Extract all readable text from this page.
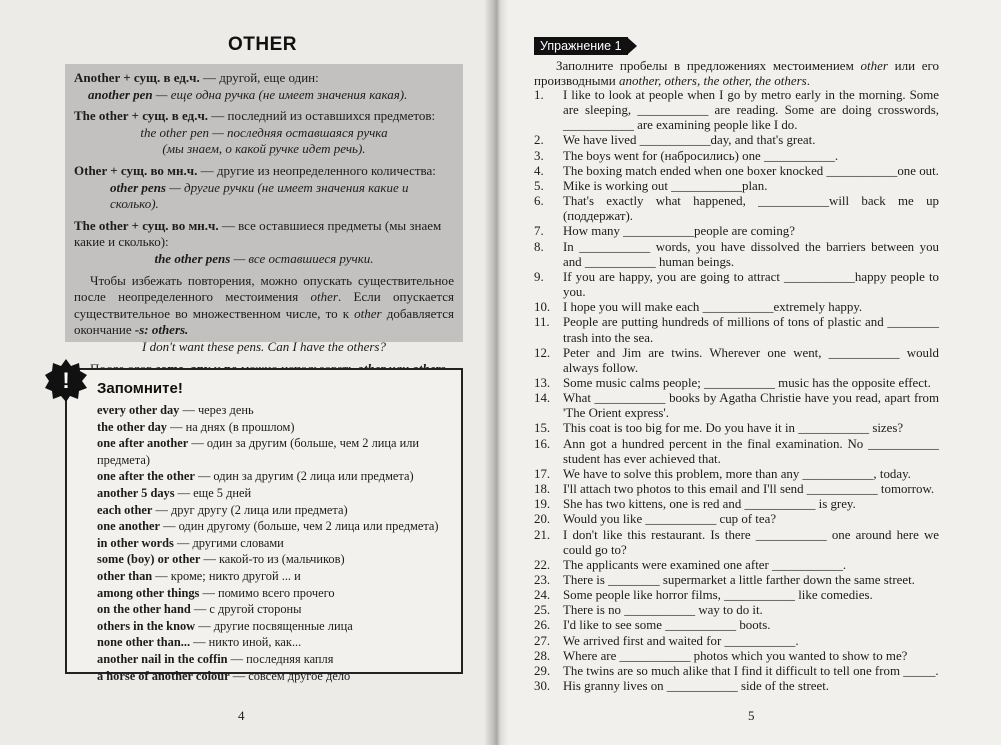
OTHER

Another + сущ. в ед.ч. — другой, еще один:

another pen — еще одна ручка (не имеет значения какая).

The other + сущ. в ед.ч. — последний из оставшихся предметов:

the other pen — последняя оставшаяся ручка

(мы знаем, о какой ручке идет речь).

Other + сущ. во мн.ч. — другие из неопределенного количества:

other pens — другие ручки (не имеет значения какие и сколько).

The other + сущ. во мн.ч. — все оставшиеся предметы (мы знаем какие и сколько):

the other pens — все оставшиеся ручки.

Чтобы избежать повторения, можно опускать существительное после неопределенного местоимения other. Если опускается существительное во множественном числе, то к other добавляется окончание -s: others.

I don't want these pens. Can I have the others?

! Запомните!
every other day — через день
the other day — на днях (в прошлом)
one after another — один за другим (больше, чем 2 лица или предмета)
one after the other — один за другим (2 лица или предмета)
another 5 days — еще 5 дней
each other — друг другу (2 лица или предмета)
one another — один другому (больше, чем 2 лица или предмета)
in other words — другими словами
some (boy) or other — какой-то из (мальчиков)
other than — кроме; никто другой ... и
among other things — помимо всего прочего
on the other hand — с другой стороны
others in the know — другие посвященные лица
none other than... — никто иной, как...
another nail in the coffin — последняя капля
a horse of another colour — совсем другое дело
4
Упражнение 1

Заполните пробелы в предложениях местоимением other или его производными another, others, the other, the others.

1.	I like to look at people when I go by metro early in the morning. Some are sleeping, ___________ are reading. Some are doing crosswords, ___________ are examining people like I do.
2.	We have lived ___________day, and that's great.
3.	The boys went for (набросились) one ___________.
4.	The boxing match ended when one boxer knocked ___________one out.
5.	Mike is working out ___________plan.
6.	That's exactly what happened, ___________will back me up (поддержат).
7.	How many ___________people are coming?
8.	In ___________ words, you have dissolved the barriers between you and ___________ human beings.
9.	If you are happy, you are going to attract ___________happy people to you.
10. I hope you will make each ___________extremely happy.
11.	People are putting hundreds of millions of tons of plastic and ________ trash into the sea.
12. Peter and Jim are twins. Wherever one went, ___________ would always follow.
13. Some music calms people; ___________ music has the opposite effect.
14. What ___________ books by Agatha Christie have you read, apart from 'The Orient express'.
15. This coat is too big for me. Do you have it in ___________ sizes?
16. Ann got a hundred percent in the final examination. No ___________ student has ever achieved that.
17. We have to solve this problem, more than any ___________, today.
18. I'll attach two photos to this email and I'll send ___________ tomorrow.
19. She has two kittens, one is red and ___________ is grey.
20. Would you like ___________ cup of tea?
21. I don't like this restaurant. Is there ___________ one around here we could go to?
22. The applicants were examined one after ___________.
23. There is ________ supermarket a little farther down the same street.
24. Some people like horror films, ___________ like comedies.
25. There is no ___________ way to do it.
26. I'd like to see some ___________ boots.
27. We arrived first and waited for ___________.
28. Where are ___________ photos which you wanted to show to me?
29. The twins are so much alike that I find it difficult to tell one from _____.
30. His granny lives on ___________ side of the street.
5
